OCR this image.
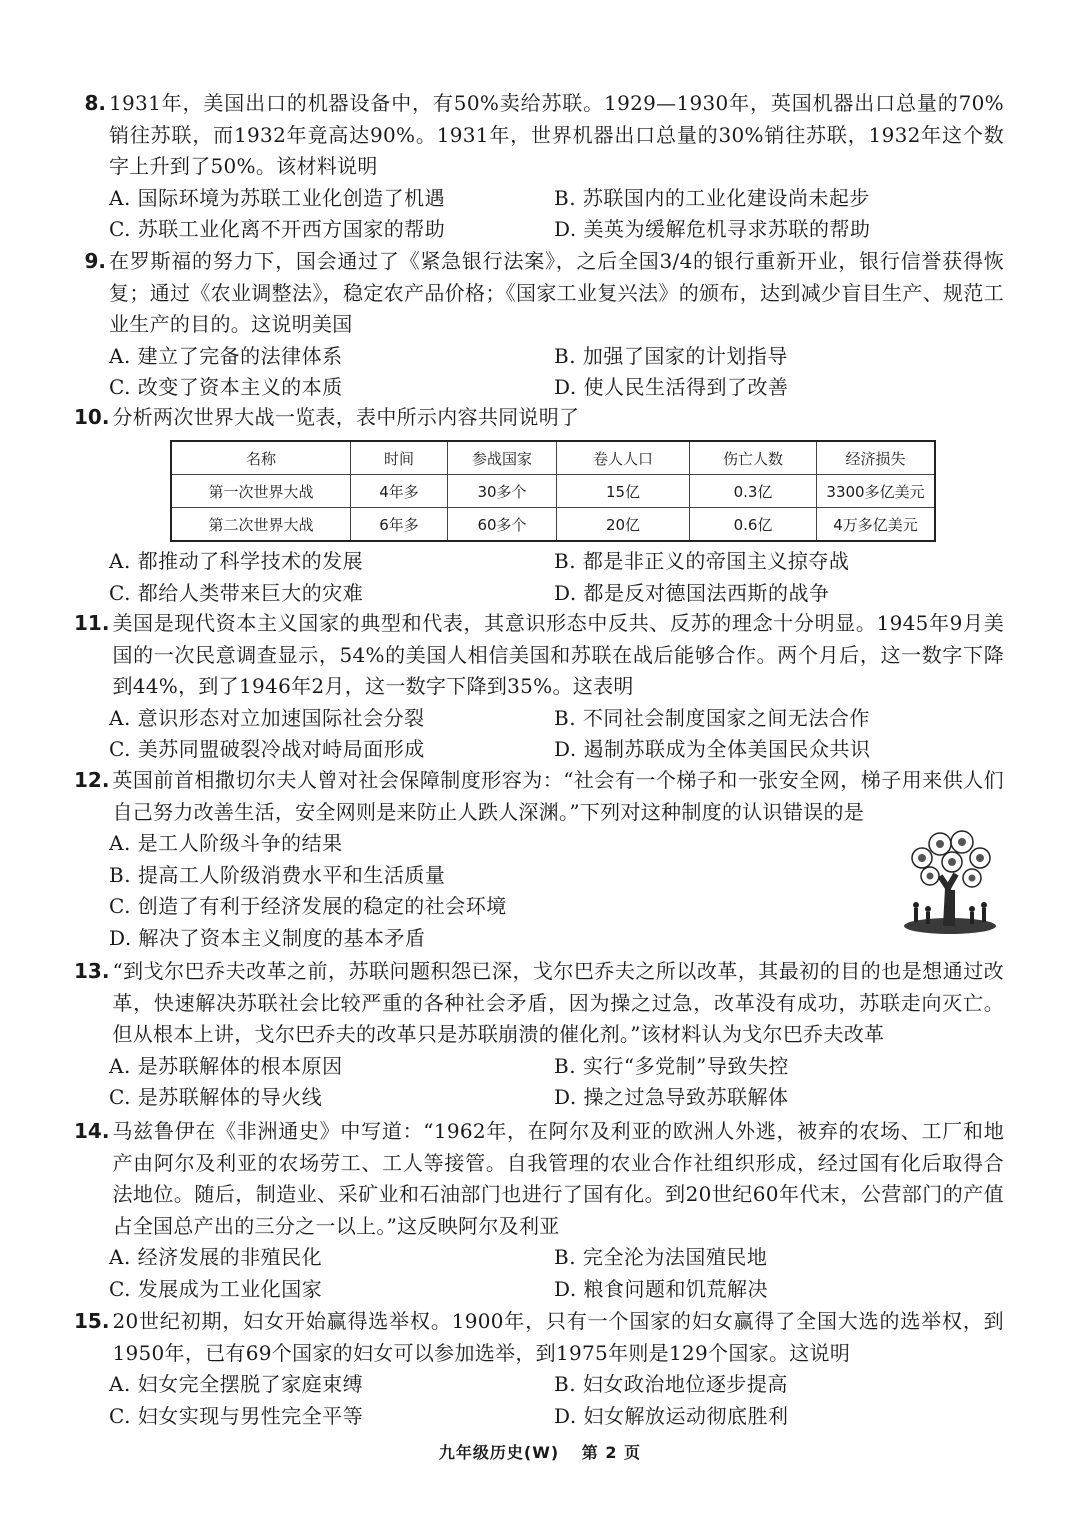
8. 1931年，美国出口的机器设备中，有50%卖给苏联。1929—1930年，英国机器出口总量的70%销往苏联，而1932年竟高达90%。1931年，世界机器出口总量的30%销往苏联，1932年这个数字上升到了50%。该材料说明
A. 国际环境为苏联工业化创造了机遇	B. 苏联国内的工业化建设尚未起步
C. 苏联工业化离不开西方国家的帮助	D. 美英为缓解危机寻求苏联的帮助
9. 在罗斯福的努力下，国会通过了《紧急银行法案》，之后全国3/4的银行重新开业，银行信誉获得恢复；通过《农业调整法》，稳定农产品价格；《国家工业复兴法》的颁布，达到减少盲目生产、规范工业生产的目的。这说明美国
A. 建立了完备的法律体系	B. 加强了国家的计划指导
C. 改变了资本主义的本质	D. 使人民生活得到了改善
10. 分析两次世界大战一览表，表中所示内容共同说明了
名称	时间	参战国家	卷人人口	伤亡人数	经济损失
第一次世界大战	4年多	30多个	15亿	0.3亿	3300多亿美元
第二次世界大战	6年多	60多个	20亿	0.6亿	4万多亿美元
A. 都推动了科学技术的发展	B. 都是非正义的帝国主义掠夺战
C. 都给人类带来巨大的灾难	D. 都是反对德国法西斯的战争
11. 美国是现代资本主义国家的典型和代表，其意识形态中反共、反苏的理念十分明显。1945年9月美国的一次民意调查显示，54%的美国人相信美国和苏联在战后能够合作。两个月后，这一数字下降到44%，到了1946年2月，这一数字下降到35%。这表明
A. 意识形态对立加速国际社会分裂	B. 不同社会制度国家之间无法合作
C. 美苏同盟破裂冷战对峙局面形成	D. 遏制苏联成为全体美国民众共识
12. 英国前首相撒切尔夫人曾对社会保障制度形容为：“社会有一个梯子和一张安全网，梯子用来供人们自己努力改善生活，安全网则是来防止人跌人深渊。”下列对这种制度的认识错误的是
A. 是工人阶级斗争的结果
B. 提高工人阶级消费水平和生活质量
C. 创造了有利于经济发展的稳定的社会环境
D. 解决了资本主义制度的基本矛盾
13. “到戈尔巴乔夫改革之前，苏联问题积怨已深，戈尔巴乔夫之所以改革，其最初的目的也是想通过改革，快速解决苏联社会比较严重的各种社会矛盾，因为操之过急，改革没有成功，苏联走向灭亡。但从根本上讲，戈尔巴乔夫的改革只是苏联崩溃的催化剂。”该材料认为戈尔巴乔夫改革
A. 是苏联解体的根本原因	B. 实行“多党制”导致失控
C. 是苏联解体的导火线	D. 操之过急导致苏联解体
14. 马兹鲁伊在《非洲通史》中写道：“1962年，在阿尔及利亚的欧洲人外逃，被弃的农场、工厂和地产由阿尔及利亚的农场劳工、工人等接管。自我管理的农业合作社组织形成，经过国有化后取得合法地位。随后，制造业、采矿业和石油部门也进行了国有化。到20世纪60年代末，公营部门的产值占全国总产出的三分之一以上。”这反映阿尔及利亚
A. 经济发展的非殖民化	B. 完全沦为法国殖民地
C. 发展成为工业化国家	D. 粮食问题和饥荒解决
15. 20世纪初期，妇女开始赢得选举权。1900年，只有一个国家的妇女赢得了全国大选的选举权，到1950年，已有69个国家的妇女可以参加选举，到1975年则是129个国家。这说明
A. 妇女完全摆脱了家庭束缚	B. 妇女政治地位逐步提高
C. 妇女实现与男性完全平等	D. 妇女解放运动彻底胜利
九年级历史(W) 第 2 页
